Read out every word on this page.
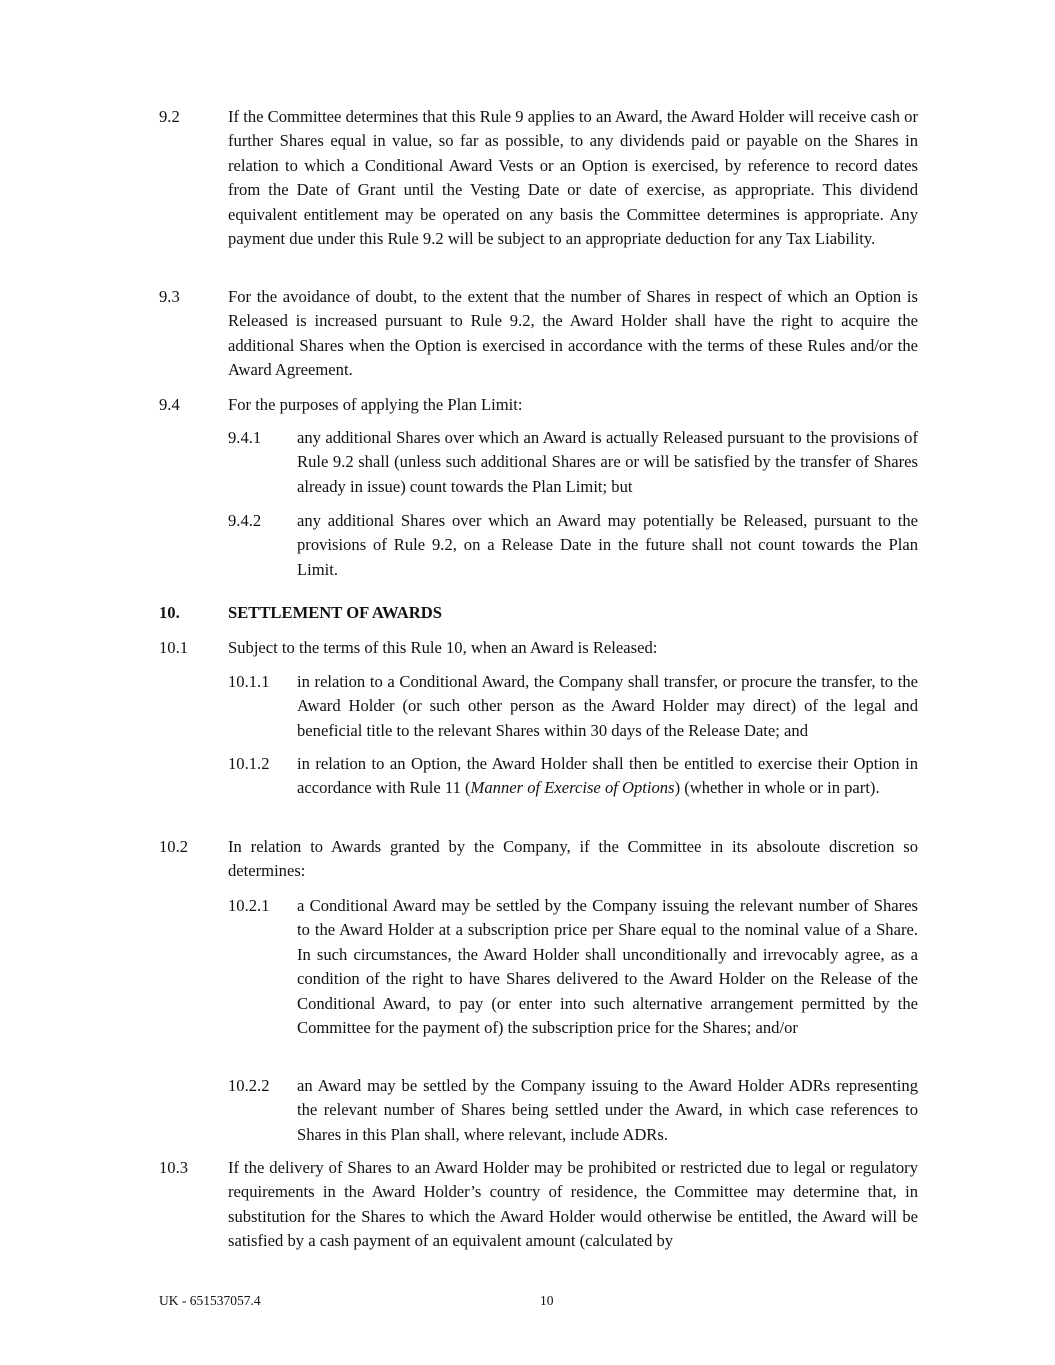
9.2	If the Committee determines that this Rule 9 applies to an Award, the Award Holder will receive cash or further Shares equal in value, so far as possible, to any dividends paid or payable on the Shares in relation to which a Conditional Award Vests or an Option is exercised, by reference to record dates from the Date of Grant until the Vesting Date or date of exercise, as appropriate. This dividend equivalent entitlement may be operated on any basis the Committee determines is appropriate. Any payment due under this Rule 9.2 will be subject to an appropriate deduction for any Tax Liability.
9.3	For the avoidance of doubt, to the extent that the number of Shares in respect of which an Option is Released is increased pursuant to Rule 9.2, the Award Holder shall have the right to acquire the additional Shares when the Option is exercised in accordance with the terms of these Rules and/or the Award Agreement.
9.4	For the purposes of applying the Plan Limit:
9.4.1 any additional Shares over which an Award is actually Released pursuant to the provisions of Rule 9.2 shall (unless such additional Shares are or will be satisfied by the transfer of Shares already in issue) count towards the Plan Limit; but
9.4.2 any additional Shares over which an Award may potentially be Released, pursuant to the provisions of Rule 9.2, on a Release Date in the future shall not count towards the Plan Limit.
10.	SETTLEMENT OF AWARDS
10.1 Subject to the terms of this Rule 10, when an Award is Released:
10.1.1 in relation to a Conditional Award, the Company shall transfer, or procure the transfer, to the Award Holder (or such other person as the Award Holder may direct) of the legal and beneficial title to the relevant Shares within 30 days of the Release Date; and
10.1.2 in relation to an Option, the Award Holder shall then be entitled to exercise their Option in accordance with Rule 11 (Manner of Exercise of Options) (whether in whole or in part).
10.2 In relation to Awards granted by the Company, if the Committee in its absoloute discretion so determines:
10.2.1 a Conditional Award may be settled by the Company issuing the relevant number of Shares to the Award Holder at a subscription price per Share equal to the nominal value of a Share. In such circumstances, the Award Holder shall unconditionally and irrevocably agree, as a condition of the right to have Shares delivered to the Award Holder on the Release of the Conditional Award, to pay (or enter into such alternative arrangement permitted by the Committee for the payment of) the subscription price for the Shares; and/or
10.2.2 an Award may be settled by the Company issuing to the Award Holder ADRs representing the relevant number of Shares being settled under the Award, in which case references to Shares in this Plan shall, where relevant, include ADRs.
10.3 If the delivery of Shares to an Award Holder may be prohibited or restricted due to legal or regulatory requirements in the Award Holder’s country of residence, the Committee may determine that, in substitution for the Shares to which the Award Holder would otherwise be entitled, the Award will be satisfied by a cash payment of an equivalent amount (calculated by
UK - 651537057.4	10
